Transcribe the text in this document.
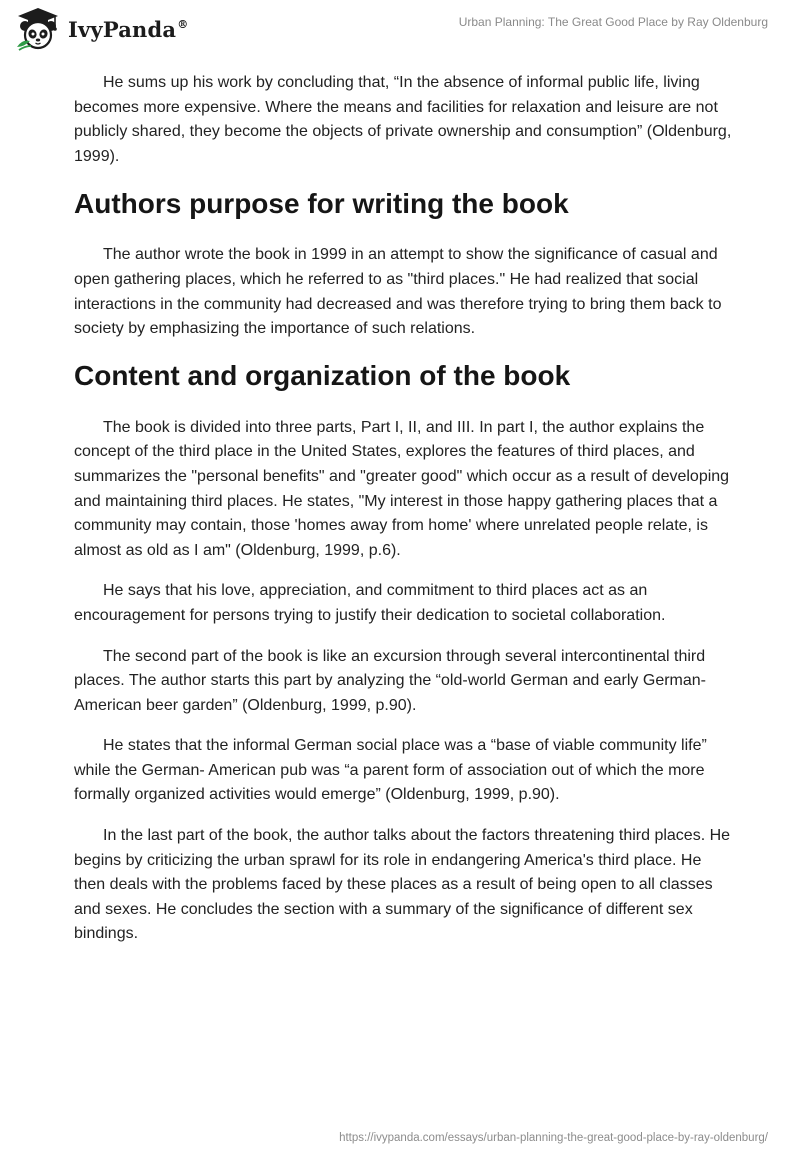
IvyPanda®	Urban Planning: The Great Good Place by Ray Oldenburg

He sums up his work by concluding that, “In the absence of informal public life, living becomes more expensive. Where the means and facilities for relaxation and leisure are not publicly shared, they become the objects of private ownership and consumption” (Oldenburg, 1999).

Authors purpose for writing the book

The author wrote the book in 1999 in an attempt to show the significance of casual and open gathering places, which he referred to as "third places." He had realized that social interactions in the community had decreased and was therefore trying to bring them back to society by emphasizing the importance of such relations.

Content and organization of the book

The book is divided into three parts, Part I, II, and III. In part I, the author explains the concept of the third place in the United States, explores the features of third places, and summarizes the "personal benefits" and "greater good" which occur as a result of developing and maintaining third places. He states, "My interest in those happy gathering places that a community may contain, those 'homes away from home' where unrelated people relate, is almost as old as I am" (Oldenburg, 1999, p.6).

He says that his love, appreciation, and commitment to third places act as an encouragement for persons trying to justify their dedication to societal collaboration.

The second part of the book is like an excursion through several intercontinental third places. The author starts this part by analyzing the “old-world German and early German-American beer garden” (Oldenburg, 1999, p.90).

He states that the informal German social place was a “base of viable community life” while the German- American pub was “a parent form of association out of which the more formally organized activities would emerge” (Oldenburg, 1999, p.90).

In the last part of the book, the author talks about the factors threatening third places. He begins by criticizing the urban sprawl for its role in endangering America's third place. He then deals with the problems faced by these places as a result of being open to all classes and sexes. He concludes the section with a summary of the significance of different sex bindings.

https://ivypanda.com/essays/urban-planning-the-great-good-place-by-ray-oldenburg/
